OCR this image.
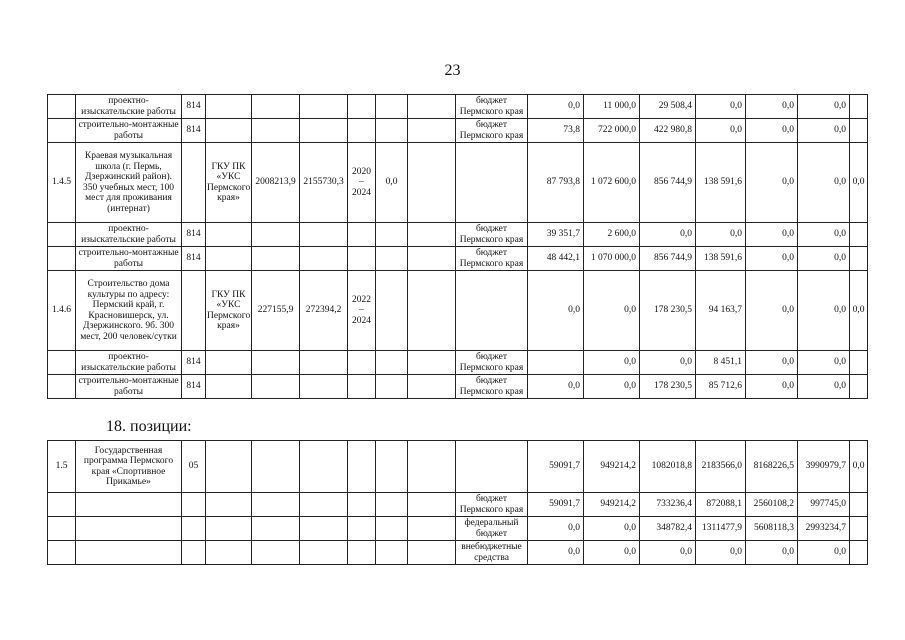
23
	проектно-изыскательские работы	814							бюджет Пермского края	0,0	11 000,0	29 508,4	0,0	0,0	0,0	
	строительно-монтажные работы	814							бюджет Пермского края	73,8	722 000,0	422 980,8	0,0	0,0	0,0	
1.4.5	Краевая музыкальная школа (г. Пермь, Дзержинский район). 350 учебных мест, 100 мест для проживания (интернат)		ГКУ ПК «УКС Пермского края»	2008213,9	2155730,3	2020 – 2024	0,0			87 793,8	1 072 600,0	856 744,9	138 591,6	0,0	0,0	0,0
	проектно-изыскательские работы	814							бюджет Пермского края	39 351,7	2 600,0	0,0	0,0	0,0	0,0	
	строительно-монтажные работы	814							бюджет Пермского края	48 442,1	1 070 000,0	856 744,9	138 591,6	0,0	0,0	
1.4.6	Строительство дома культуры по адресу: Пермский край, г. Красновишерск, ул. Дзержинского. 9б. 300 мест, 200 человек/сутки		ГКУ ПК «УКС Пермского края»	227155,9	272394,2	2022 – 2024				0,0	0,0	178 230,5	94 163,7	0,0	0,0	0,0
	проектно-изыскательские работы	814							бюджет Пермского края		0,0	0,0	8 451,1	0,0	0,0	
	строительно-монтажные работы	814							бюджет Пермского края	0,0	0,0	178 230,5	85 712,6	0,0	0,0	
18. позиции:
1.5	Государственная программа Пермского края «Спортивное Прикамье»	05								59091,7	949214,2	1082018,8	2183566,0	8168226,5	3990979,7	0,0
									бюджет Пермского края	59091,7	949214,2	733236,4	872088,1	2560108,2	997745,0	
									федеральный бюджет	0,0	0,0	348782,4	1311477,9	5608118,3	2993234,7	
									внебюджетные средства	0,0	0,0	0,0	0,0	0,0	0,0	
